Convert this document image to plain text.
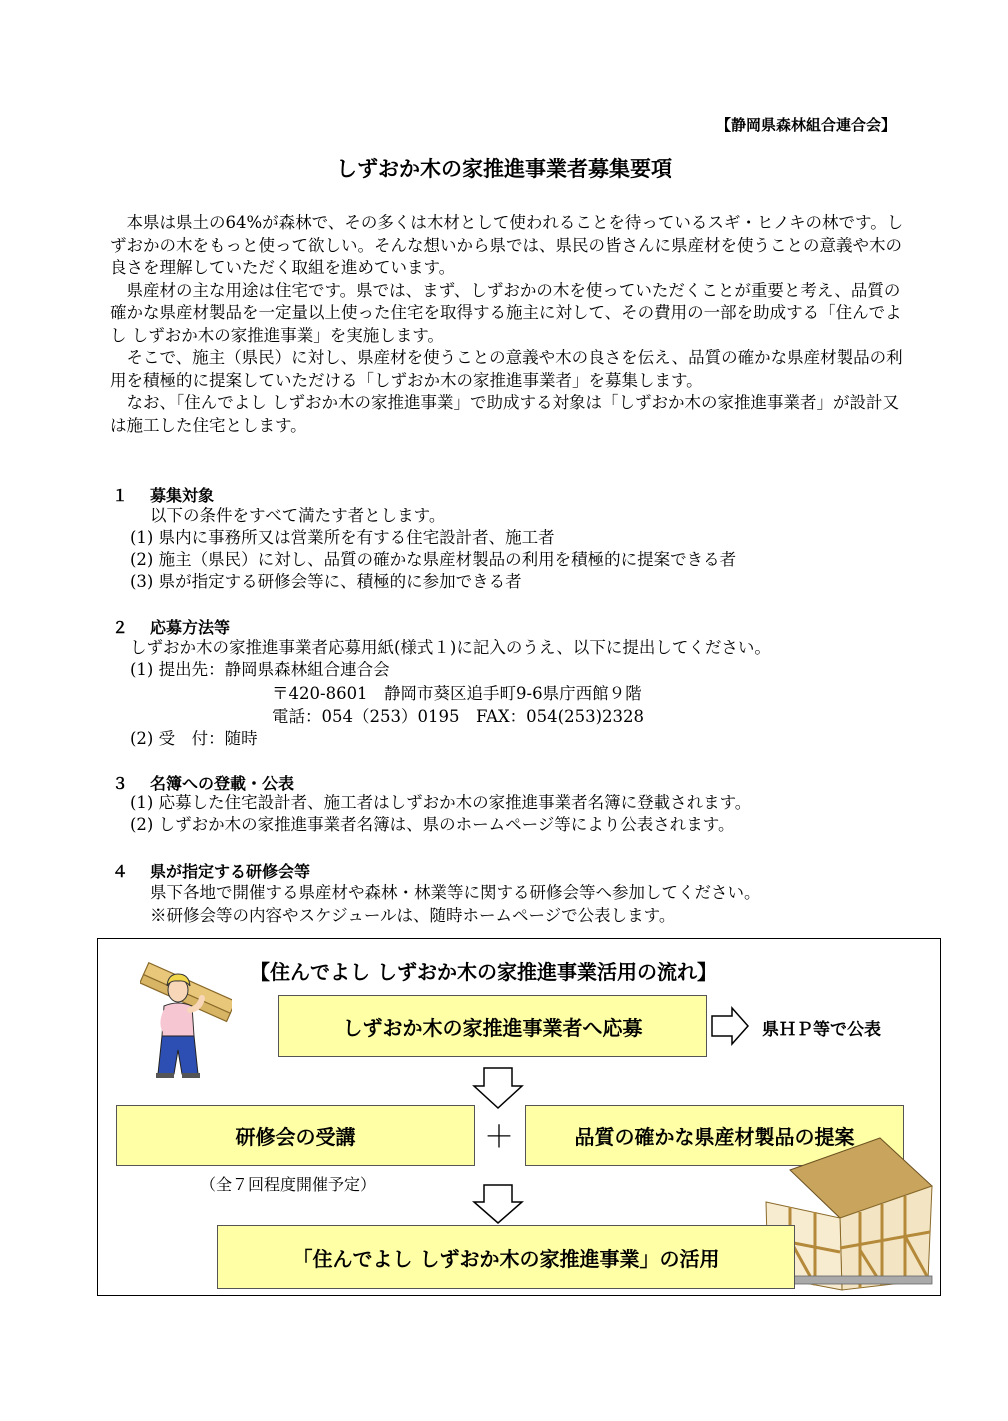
【静岡県森林組合連合会】
しずおか木の家推進事業者募集要項

本県は県土の64%が森林で、その多くは木材として使われることを待っているスギ・ヒノキの林です。しずおかの木をもっと使って欲しい。そんな想いから県では、県民の皆さんに県産材を使うことの意義や木の良さを理解していただく取組を進めています。

県産材の主な用途は住宅です。県では、まず、しずおかの木を使っていただくことが重要と考え、品質の確かな県産材製品を一定量以上使った住宅を取得する施主に対して、その費用の一部を助成する「住んでよし しずおか木の家推進事業」を実施します。

そこで、施主（県民）に対し、県産材を使うことの意義や木の良さを伝え、品質の確かな県産材製品の利用を積極的に提案していただける「しずおか木の家推進事業者」を募集します。

なお、「住んでよし しずおか木の家推進事業」で助成する対象は「しずおか木の家推進事業者」が設計又は施工した住宅とします。

１ 募集対象
以下の条件をすべて満たす者とします。
(1) 県内に事務所又は営業所を有する住宅設計者、施工者
(2) 施主（県民）に対し、品質の確かな県産材製品の利用を積極的に提案できる者
(3) 県が指定する研修会等に、積極的に参加できる者
２ 応募方法等
しずおか木の家推進事業者応募用紙(様式１)に記入のうえ、以下に提出してください。
(1) 提出先：静岡県森林組合連合会
〒420-8601　静岡市葵区追手町9-6県庁西館９階
電話：054（253）0195　FAX：054(253)2328
(2) 受　付：随時
３ 名簿への登載・公表
(1) 応募した住宅設計者、施工者はしずおか木の家推進事業者名簿に登載されます。
(2) しずおか木の家推進事業者名簿は、県のホームページ等により公表されます。
４ 県が指定する研修会等
県下各地で開催する県産材や森林・林業等に関する研修会等へ参加してください。
※研修会等の内容やスケジュールは、随時ホームページで公表します。
【住んでよし しずおか木の家推進事業活用の流れ】
しずおか木の家推進事業者へ応募	県ＨＰ等で公表
研修会の受講	＋	品質の確かな県産材製品の提案
（全７回程度開催予定）
「住んでよし しずおか木の家推進事業」の活用
